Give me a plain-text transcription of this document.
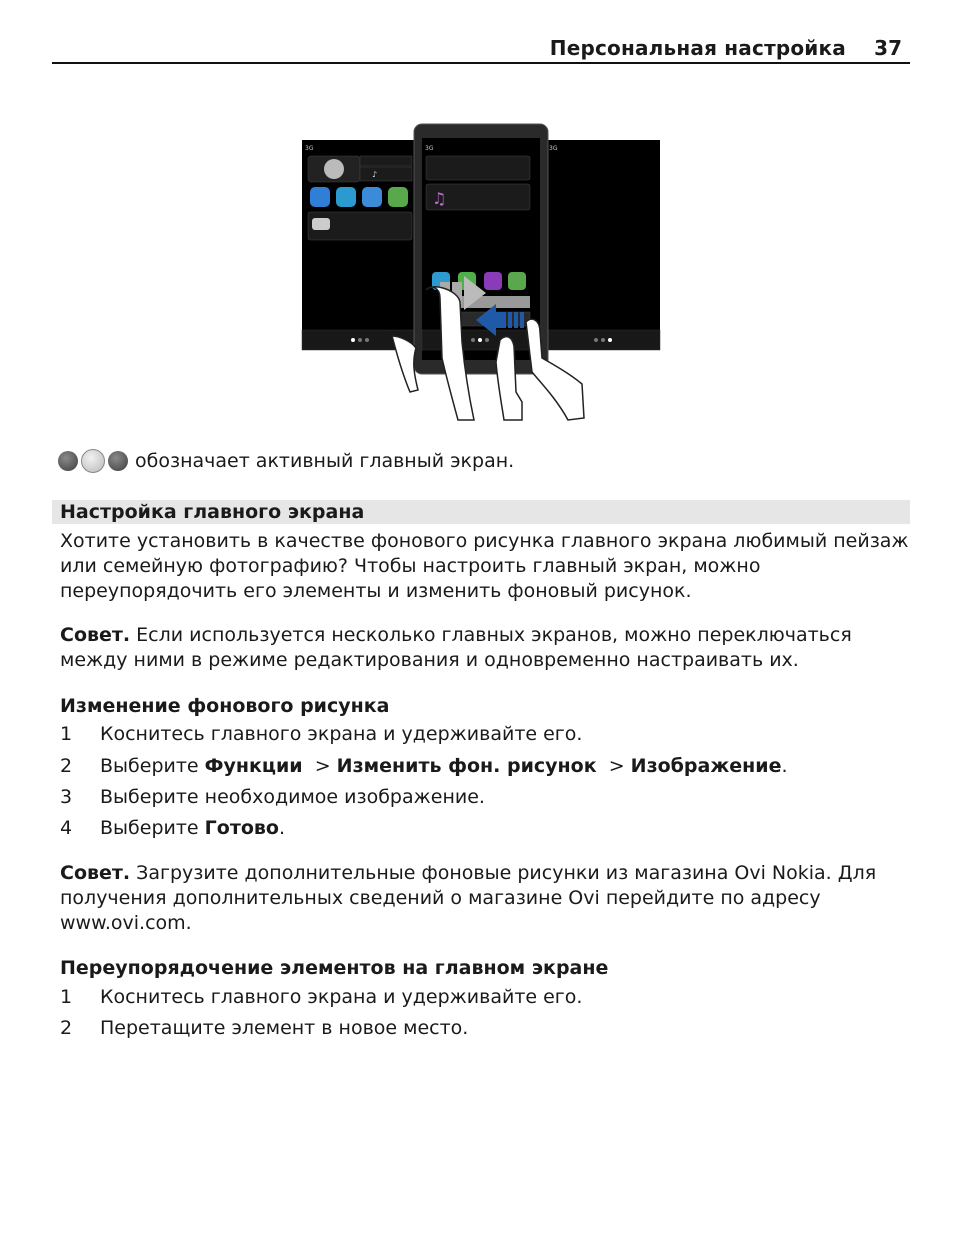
Персональная настройка 37
3G
♪
3G
3G
♫
обозначает активный главный экран.
Настройка главного экрана
Хотите установить в качестве фонового рисунка главного экрана любимый пейзаж
или семейную фотографию? Чтобы настроить главный экран, можно
переупорядочить его элементы и изменить фоновый рисунок.
Совет. Если используется несколько главных экранов, можно переключаться
между ними в режиме редактирования и одновременно настраивать их.
Изменение фонового рисунка
1 Коснитесь главного экрана и удерживайте его.
2 Выберите Функции  > Изменить фон. рисунок  > Изображение.
3 Выберите необходимое изображение.
4 Выберите Готово.
Совет. Загрузите дополнительные фоновые рисунки из магазина Ovi Nokia. Для
получения дополнительных сведений о магазине Ovi перейдите по адресу
www.ovi.com.
Переупорядочение элементов на главном экране
1 Коснитесь главного экрана и удерживайте его.
2 Перетащите элемент в новое место.
